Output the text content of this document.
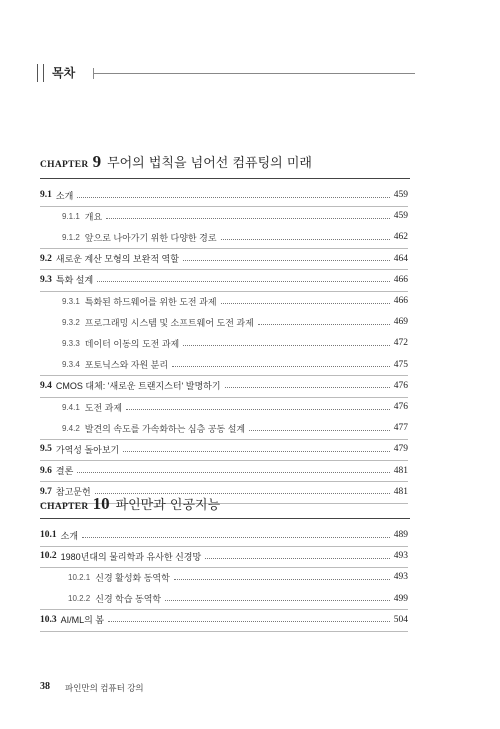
목차
CHAPTER 9 무어의 법칙을 넘어선 컴퓨팅의 미래
9.1 소개	459
9.1.1 개요	459
9.1.2 앞으로 나아가기 위한 다양한 경로	462
9.2 새로운 계산 모형의 보완적 역할	464
9.3 특화 설계	466
9.3.1 특화된 하드웨어를 위한 도전 과제	466
9.3.2 프로그래밍 시스템 및 소프트웨어 도전 과제	469
9.3.3 데이터 이동의 도전 과제	472
9.3.4 포토닉스와 자원 분리	475
9.4 CMOS 대체: '새로운 트랜지스터' 발명하기	476
9.4.1 도전 과제	476
9.4.2 발견의 속도를 가속화하는 심층 공동 설계	477
9.5 가역성 돌아보기	479
9.6 결론	481
9.7 참고문헌	481
CHAPTER 10 파인만과 인공지능
10.1 소개	489
10.2 1980년대의 물리학과 유사한 신경망	493
10.2.1 신경 활성화 동역학	493
10.2.2 신경 학습 동역학	499
10.3 AI/ML의 봄	504
38 파인만의 컴퓨터 강의
